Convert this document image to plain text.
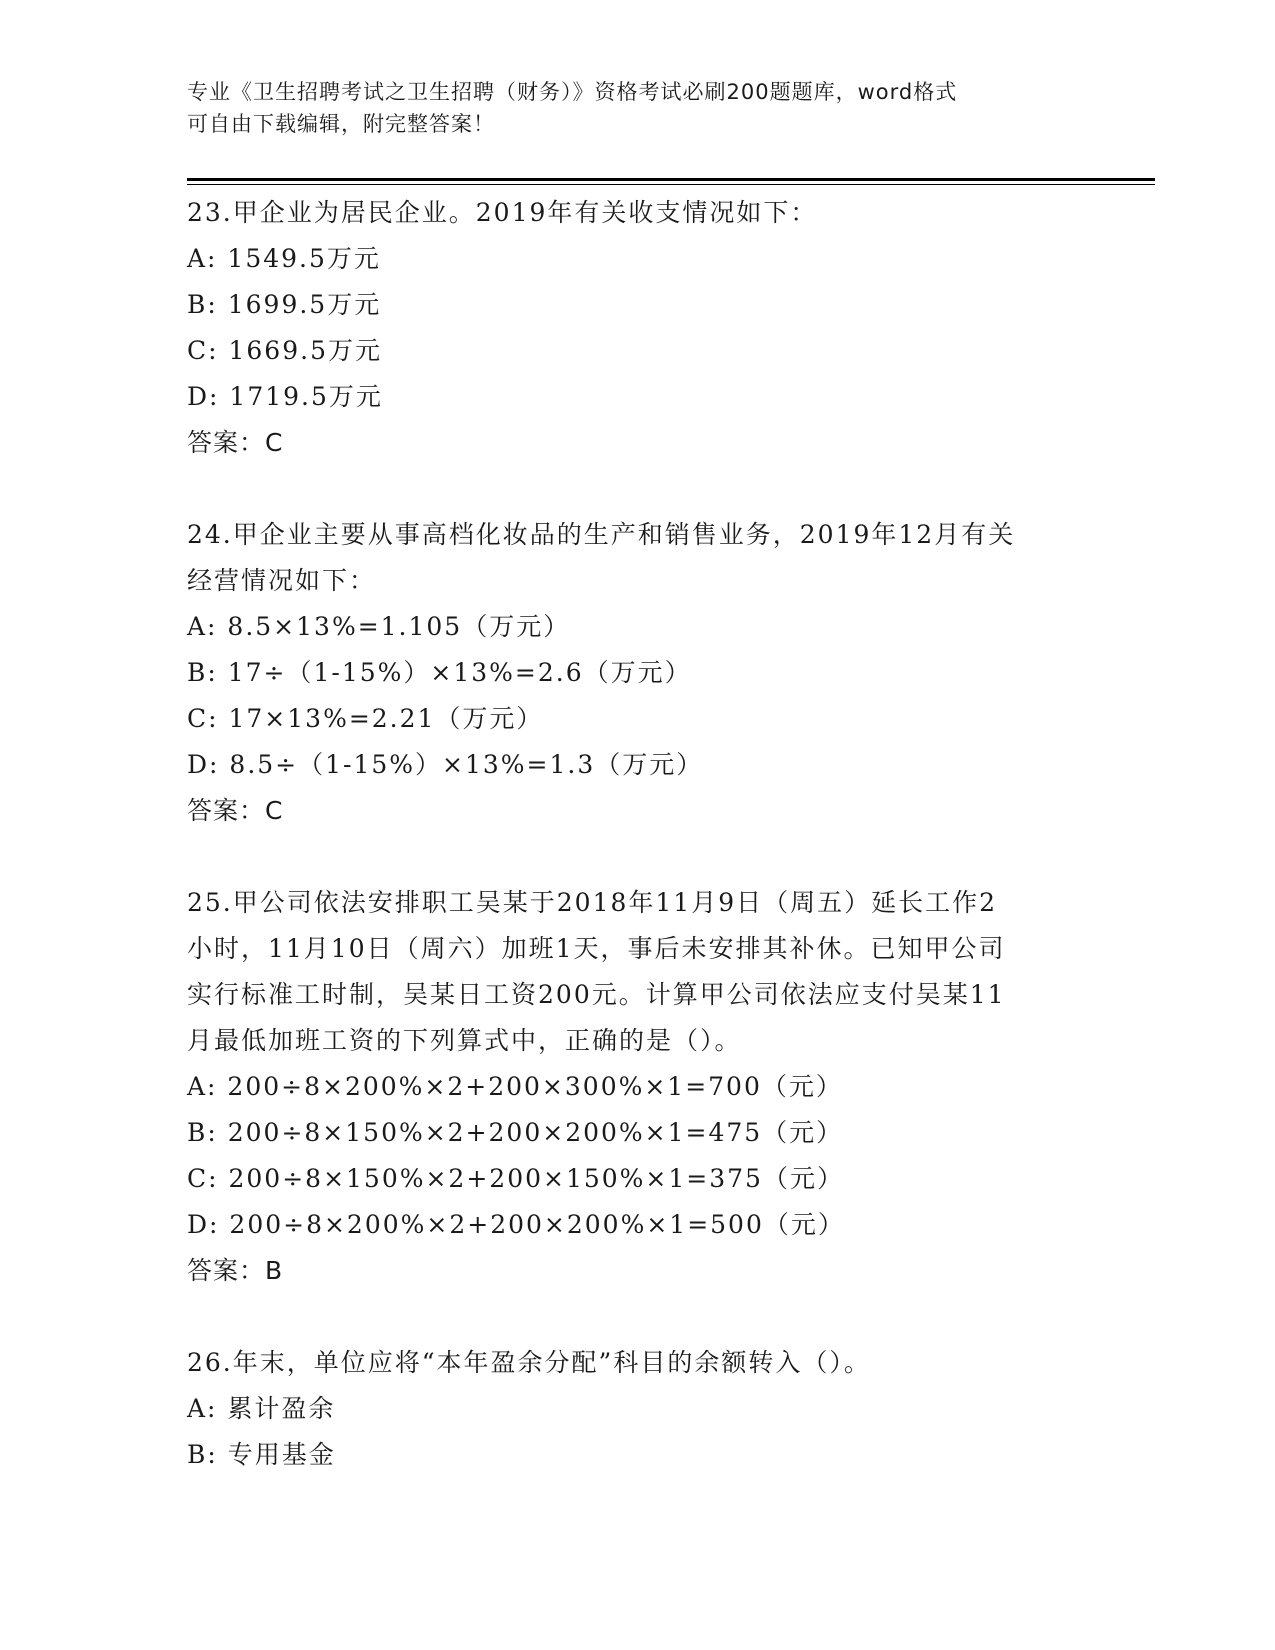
专业《卫生招聘考试之卫生招聘（财务）》资格考试必刷200题题库，word格式
可自由下载编辑，附完整答案！
23.甲企业为居民企业。2019年有关收支情况如下：
A: 1549.5万元
B: 1699.5万元
C: 1669.5万元
D: 1719.5万元
答案：C
24.甲企业主要从事高档化妆品的生产和销售业务，2019年12月有关
经营情况如下：
A: 8.5×13%=1.105（万元）
B: 17÷（1-15%）×13%=2.6（万元）
C: 17×13%=2.21（万元）
D: 8.5÷（1-15%）×13%=1.3（万元）
答案：C
25.甲公司依法安排职工吴某于2018年11月9日（周五）延长工作2
小时，11月10日（周六）加班1天，事后未安排其补休。已知甲公司
实行标准工时制，吴某日工资200元。计算甲公司依法应支付吴某11
月最低加班工资的下列算式中，正确的是（）。
A: 200÷8×200%×2+200×300%×1=700（元）
B: 200÷8×150%×2+200×200%×1=475（元）
C: 200÷8×150%×2+200×150%×1=375（元）
D: 200÷8×200%×2+200×200%×1=500（元）
答案：B
26.年末，单位应将“本年盈余分配”科目的余额转入（）。
A: 累计盈余
B: 专用基金
